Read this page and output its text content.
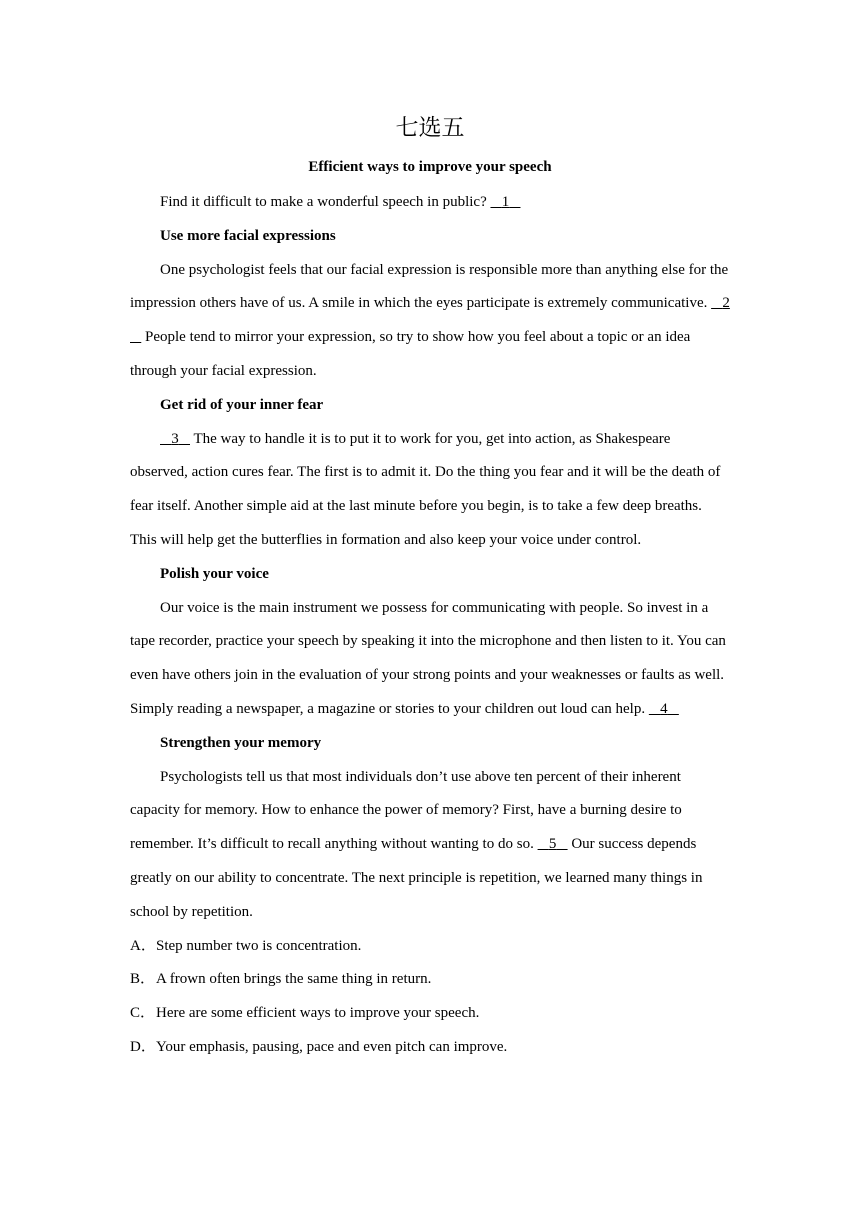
七选五
Efficient ways to improve your speech

Find it difficult to make a wonderful speech in public? 1

Use more facial expressions

One psychologist feels that our facial expression is responsible more than anything else for the impression others have of us. A smile in which the eyes participate is extremely communicative. 2    People tend to mirror your expression, so try to show how you feel about a topic or an idea through your facial expression.

Get rid of your inner fear

3 The way to handle it is to put it to work for you, get into action, as Shakespeare observed, action cures fear. The first is to admit it. Do the thing you fear and it will be the death of fear itself. Another simple aid at the last minute before you begin, is to take a few deep breaths. This will help get the butterflies in formation and also keep your voice under control.

Polish your voice

Our voice is the main instrument we possess for communicating with people. So invest in a tape recorder, practice your speech by speaking it into the microphone and then listen to it. You can even have others join in the evaluation of your strong points and your weaknesses or faults as well. Simply reading a newspaper, a magazine or stories to your children out loud can help. 4

Strengthen your memory

Psychologists tell us that most individuals don’t use above ten percent of their inherent capacity for memory. How to enhance the power of memory? First, have a burning desire to remember. It’s difficult to recall anything without wanting to do so. 5 Our success depends greatly on our ability to concentrate. The next principle is repetition, we learned many things in school by repetition.

A．Step number two is concentration.

B．A frown often brings the same thing in return.

C．Here are some efficient ways to improve your speech.

D．Your emphasis, pausing, pace and even pitch can improve.
